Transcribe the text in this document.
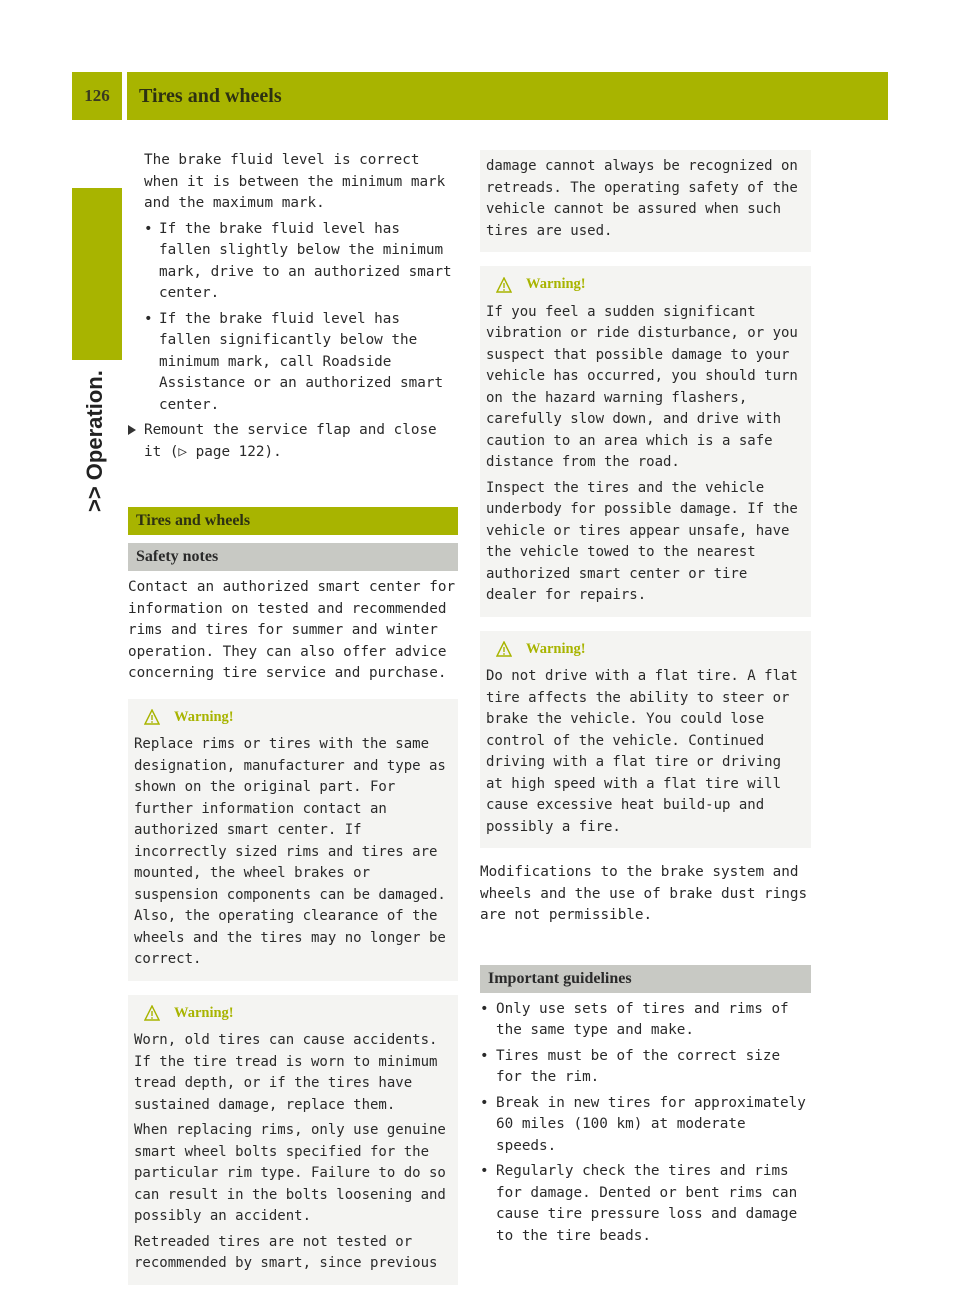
126	Tires and wheels
>> Operation.

The brake fluid level is correct when it is between the minimum mark and the maximum mark.

• If the brake fluid level has fallen slightly below the minimum mark, drive to an authorized smart center.
• If the brake fluid level has fallen significantly below the minimum mark, call Roadside Assistance or an authorized smart center.
Remount the service flap and close it (▷ page 122).
Tires and wheels
Safety notes

Contact an authorized smart center for information on tested and recommended rims and tires for summer and winter operation. They can also offer advice concerning tire service and purchase.

Warning!

Replace rims or tires with the same designation, manufacturer and type as shown on the original part. For further information contact an authorized smart center. If incorrectly sized rims and tires are mounted, the wheel brakes or suspension components can be damaged. Also, the operating clearance of the wheels and the tires may no longer be correct.

Warning!

Worn, old tires can cause accidents. If the tire tread is worn to minimum tread depth, or if the tires have sustained damage, replace them.

When replacing rims, only use genuine smart wheel bolts specified for the particular rim type. Failure to do so can result in the bolts loosening and possibly an accident.

Retreaded tires are not tested or recommended by smart, since previous

damage cannot always be recognized on retreads. The operating safety of the vehicle cannot be assured when such tires are used.

Warning!

If you feel a sudden significant vibration or ride disturbance, or you suspect that possible damage to your vehicle has occurred, you should turn on the hazard warning flashers, carefully slow down, and drive with caution to an area which is a safe distance from the road.

Inspect the tires and the vehicle underbody for possible damage. If the vehicle or tires appear unsafe, have the vehicle towed to the nearest authorized smart center or tire dealer for repairs.

Warning!

Do not drive with a flat tire. A flat tire affects the ability to steer or brake the vehicle. You could lose control of the vehicle. Continued driving with a flat tire or driving at high speed with a flat tire will cause excessive heat build-up and possibly a fire.

Modifications to the brake system and wheels and the use of brake dust rings are not permissible.

Important guidelines
• Only use sets of tires and rims of the same type and make.
• Tires must be of the correct size for the rim.
• Break in new tires for approximately 60 miles (100 km) at moderate speeds.
• Regularly check the tires and rims for damage. Dented or bent rims can cause tire pressure loss and damage to the tire beads.
